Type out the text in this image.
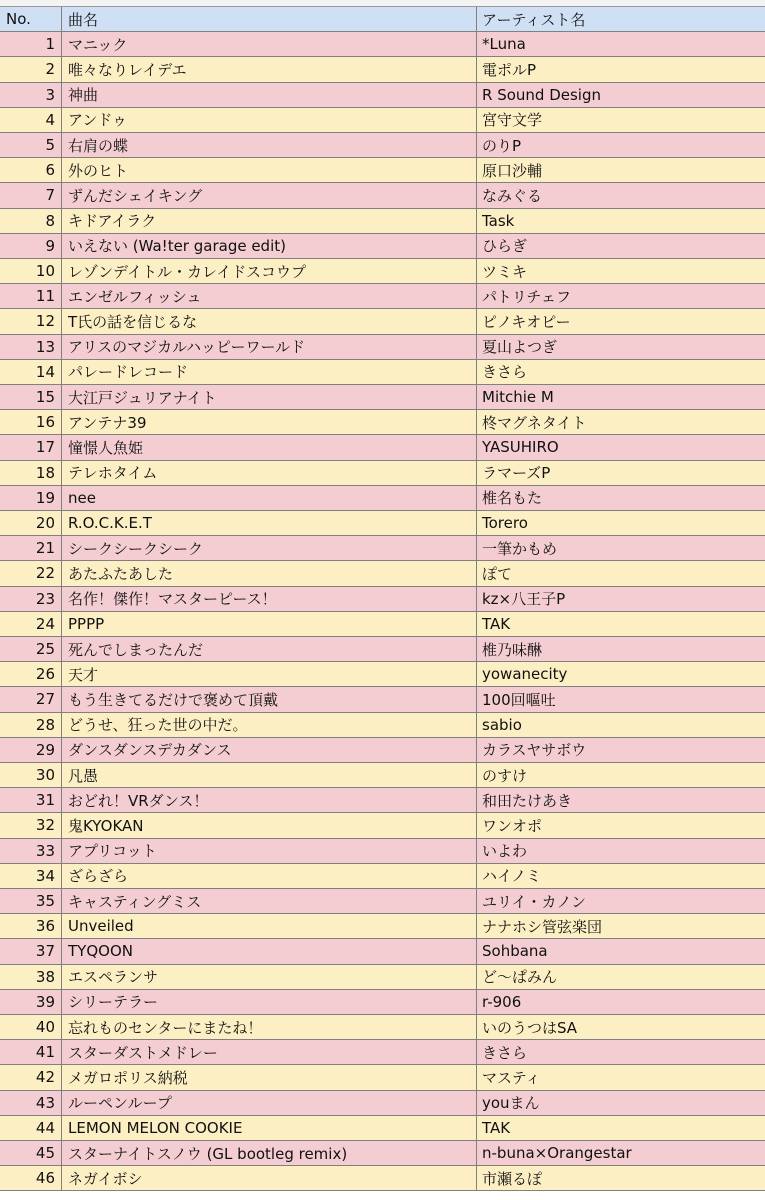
No.	曲名	アーティスト名
1 マニック	*Luna
2 唯々なりレイデエ	電ポルP
3 神曲	R Sound Design
4 アンドゥ	宮守文学
5 右肩の蝶	のりP
6 外のヒト	原口沙輔
7 ずんだシェイキング	なみぐる
8 キドアイラク	Task
9 いえない (Wa!ter garage edit)	ひらぎ
10 レゾンデイトル・カレイドスコウプ	ツミキ
11 エンゼルフィッシュ	パトリチェフ
12 T氏の話を信じるな	ピノキオピー
13 アリスのマジカルハッピーワールド	夏山よつぎ
14 パレードレコード	きさら
15 大江戸ジュリアナイト	Mitchie M
16 アンテナ39	柊マグネタイト
17 憧憬人魚姫	YASUHIRO
18 テレホタイム	ラマーズP
19 nee	椎名もた
20 R.O.C.K.E.T	Torero
21 シークシークシーク	一筆かもめ
22 あたふたあした	ぽて
23 名作！傑作！マスターピース！	kz×八王子P
24 PPPP	TAK
25 死んでしまったんだ	椎乃味醂
26 天才	yowanecity
27 もう生きてるだけで褒めて頂戴	100回嘔吐
28 どうせ、狂った世の中だ。	sabio
29 ダンスダンスデカダンス	カラスヤサボウ
30 凡愚	のすけ
31 おどれ！VRダンス！	和田たけあき
32 鬼KYOKAN	ワンオポ
33 アプリコット	いよわ
34 ざらざら	ハイノミ
35 キャスティングミス	ユリイ・カノン
36 Unveiled	ナナホシ管弦楽団
37 TYQOON	Sohbana
38 エスペランサ	ど〜ぱみん
39 シリーテラー	r-906
40 忘れものセンターにまたね！	いのうつはSA
41 スターダストメドレー	きさら
42 メガロポリス納税	マスティ
43 ルーペンループ	youまん
44 LEMON MELON COOKIE	TAK
45 スターナイトスノウ (GL bootleg remix)	n-buna×Orangestar
46 ネガイボシ	市瀬るぽ
